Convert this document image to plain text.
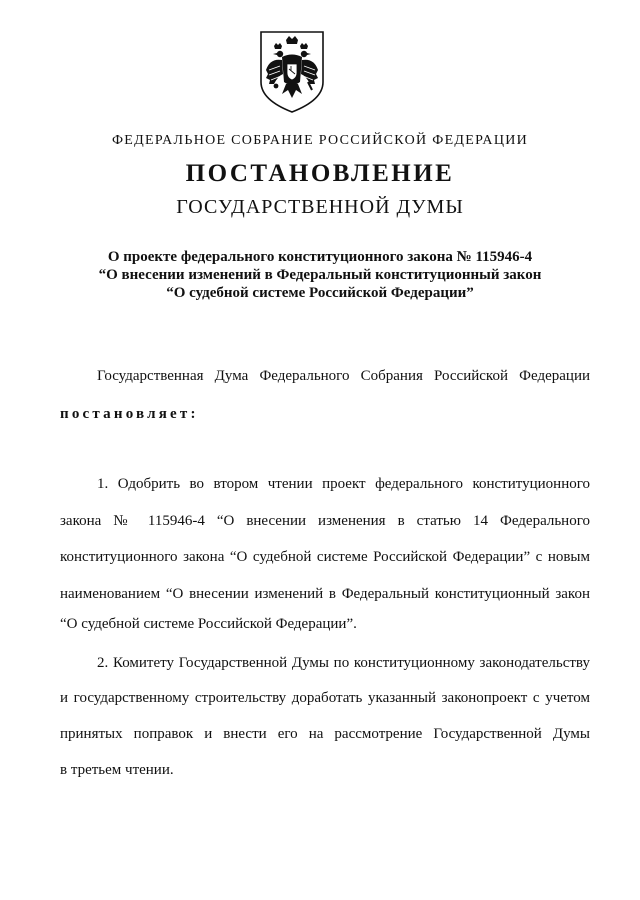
ФЕДЕРАЛЬНОЕ СОБРАНИЕ РОССИЙСКОЙ ФЕДЕРАЦИИ
ПОСТАНОВЛЕНИЕ
ГОСУДАРСТВЕННОЙ ДУМЫ
О проекте федерального конституционного закона № 115946-4
“О внесении изменений в Федеральный конституционный закон
“О судебной системе Российской Федерации”
Государственная Дума Федерального Собрания Российской Федерации
постановляет:
1. Одобрить во втором чтении проект федерального конституционного
закона № 115946-4 “О внесении изменения в статью 14 Федерального
конституционного закона “О судебной системе Российской Федерации” с новым
наименованием “О внесении изменений в Федеральный конституционный закон
“О судебной системе Российской Федерации”.
2. Комитету Государственной Думы по конституционному законодательству
и государственному строительству доработать указанный законопроект с учетом
принятых поправок и внести его на рассмотрение Государственной Думы
в третьем чтении.
